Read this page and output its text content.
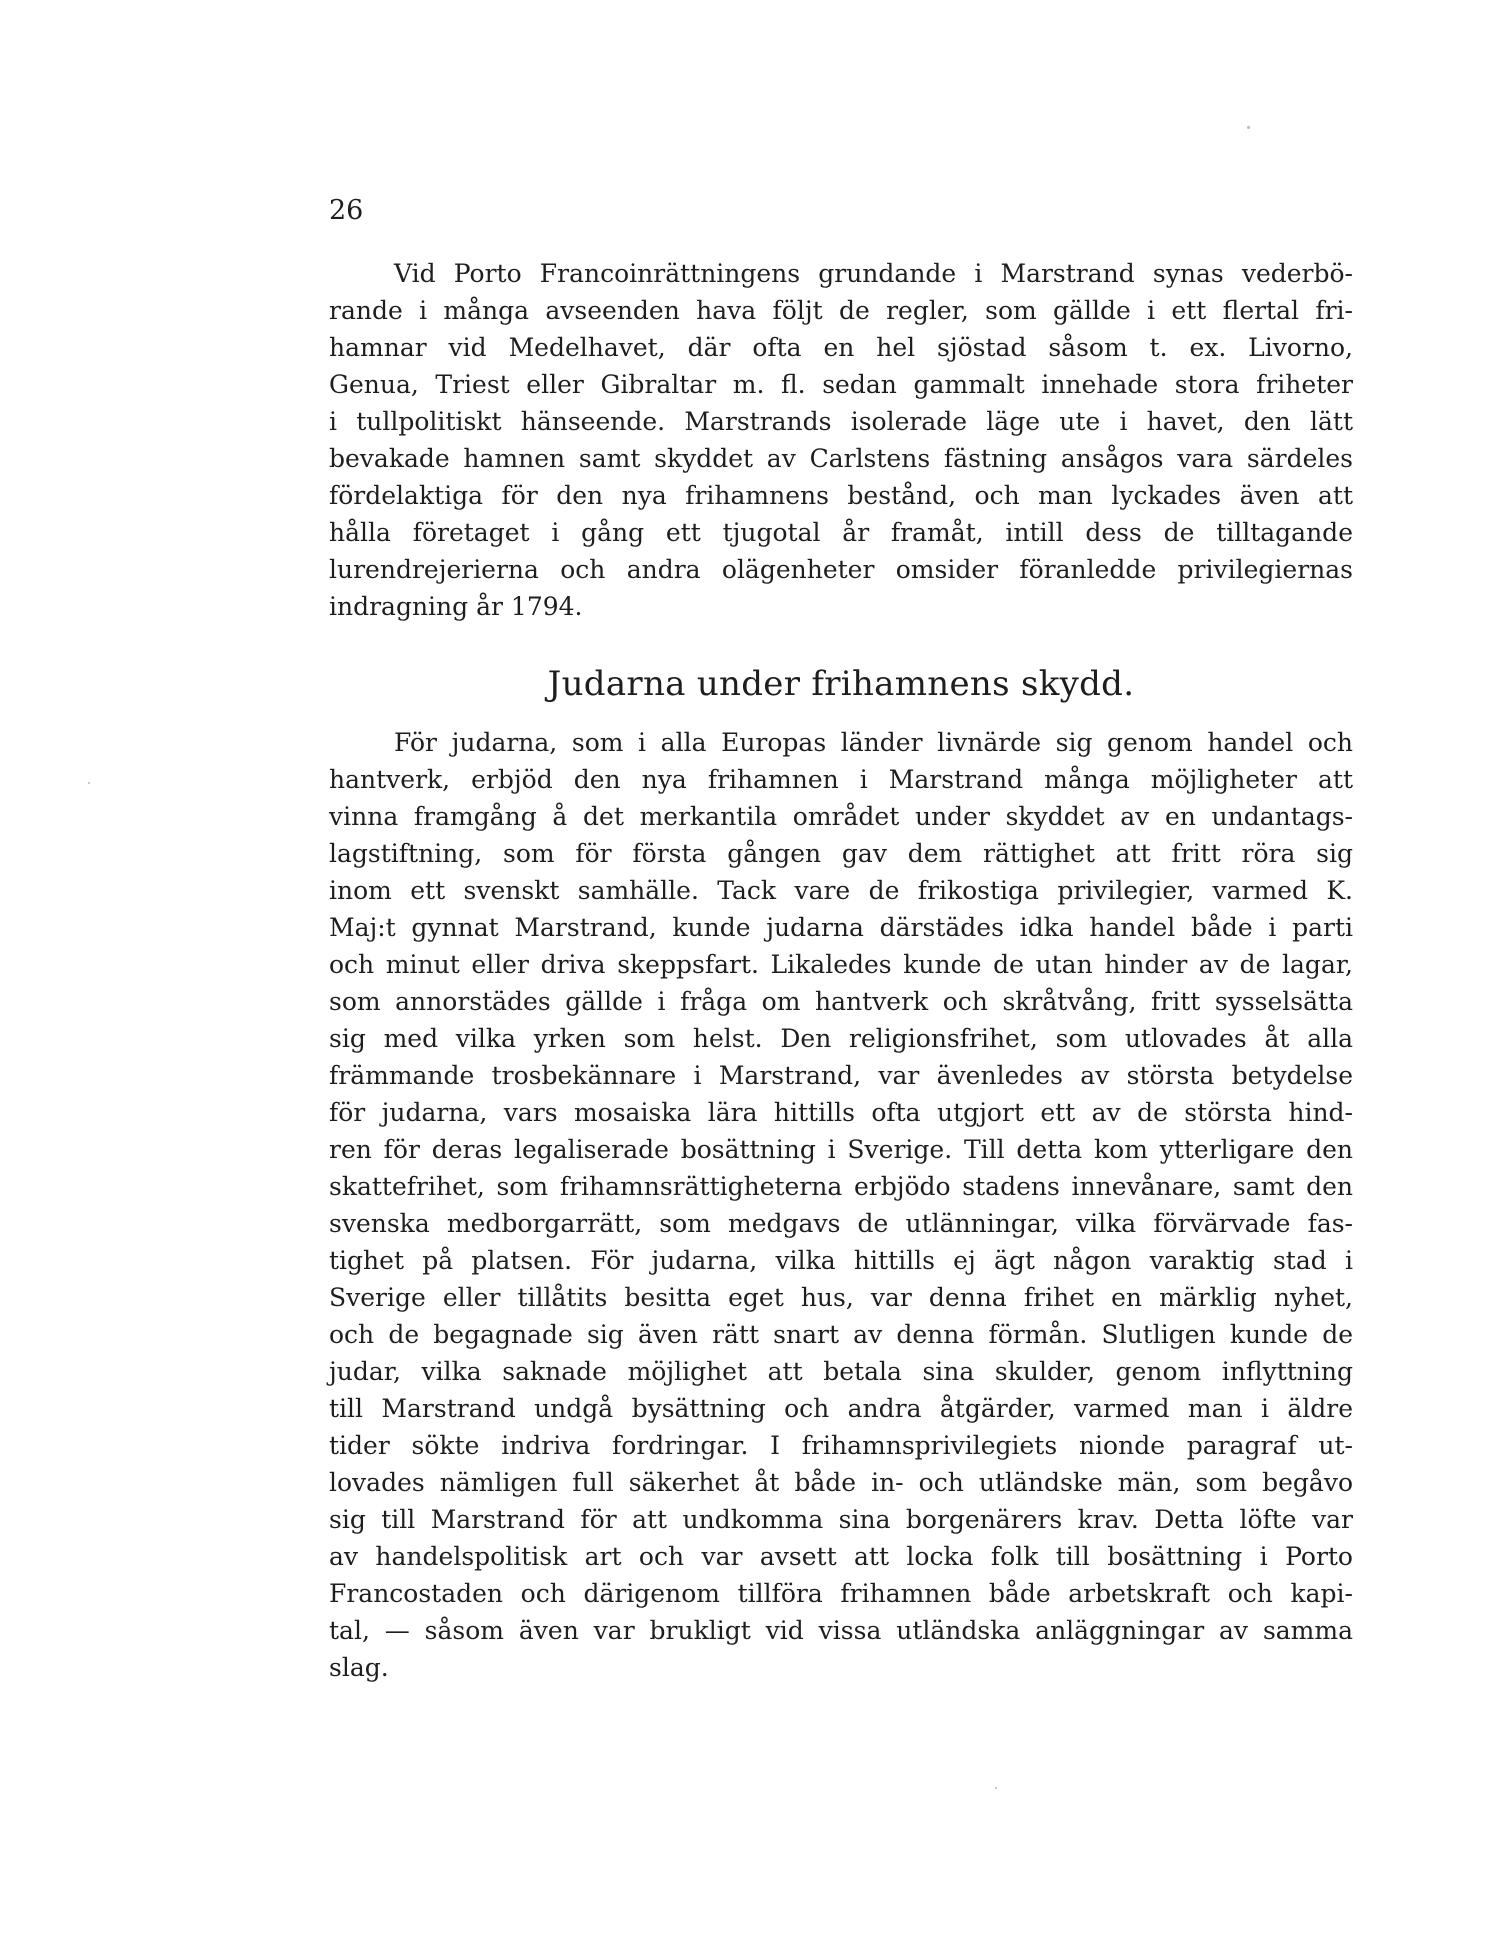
26

Vid Porto Francoinrättningens grundande i Marstrand synas vederbö-
rande i många avseenden hava följt de regler, som gällde i ett flertal fri-
hamnar vid Medelhavet, där ofta en hel sjöstad såsom t. ex. Livorno,
Genua, Triest eller Gibraltar m. fl. sedan gammalt innehade stora friheter
i tullpolitiskt hänseende. Marstrands isolerade läge ute i havet, den lätt
bevakade hamnen samt skyddet av Carlstens fästning ansågos vara särdeles
fördelaktiga för den nya frihamnens bestånd, och man lyckades även att
hålla företaget i gång ett tjugotal år framåt, intill dess de tilltagande
lurendrejerierna och andra olägenheter omsider föranledde privilegiernas
indragning år 1794.
Judarna under frihamnens skydd.
För judarna, som i alla Europas länder livnärde sig genom handel och
hantverk, erbjöd den nya frihamnen i Marstrand många möjligheter att
vinna framgång å det merkantila området under skyddet av en undantags-
lagstiftning, som för första gången gav dem rättighet att fritt röra sig
inom ett svenskt samhälle. Tack vare de frikostiga privilegier, varmed K.
Maj:t gynnat Marstrand, kunde judarna därstädes idka handel både i parti
och minut eller driva skeppsfart. Likaledes kunde de utan hinder av de lagar,
som annorstädes gällde i fråga om hantverk och skråtvång, fritt sysselsätta
sig med vilka yrken som helst. Den religionsfrihet, som utlovades åt alla
främmande trosbekännare i Marstrand, var ävenledes av största betydelse
för judarna, vars mosaiska lära hittills ofta utgjort ett av de största hind-
ren för deras legaliserade bosättning i Sverige. Till detta kom ytterligare den
skattefrihet, som frihamnsrättigheterna erbjödo stadens innevånare, samt den
svenska medborgarrätt, som medgavs de utlänningar, vilka förvärvade fas-
tighet på platsen. För judarna, vilka hittills ej ägt någon varaktig stad i
Sverige eller tillåtits besitta eget hus, var denna frihet en märklig nyhet,
och de begagnade sig även rätt snart av denna förmån. Slutligen kunde de
judar, vilka saknade möjlighet att betala sina skulder, genom inflyttning
till Marstrand undgå bysättning och andra åtgärder, varmed man i äldre
tider sökte indriva fordringar. I frihamnsprivilegiets nionde paragraf ut-
lovades nämligen full säkerhet åt både in- och utländske män, som begåvo
sig till Marstrand för att undkomma sina borgenärers krav. Detta löfte var
av handelspolitisk art och var avsett att locka folk till bosättning i Porto
Francostaden och därigenom tillföra frihamnen både arbetskraft och kapi-
tal, — såsom även var brukligt vid vissa utländska anläggningar av samma
slag.
